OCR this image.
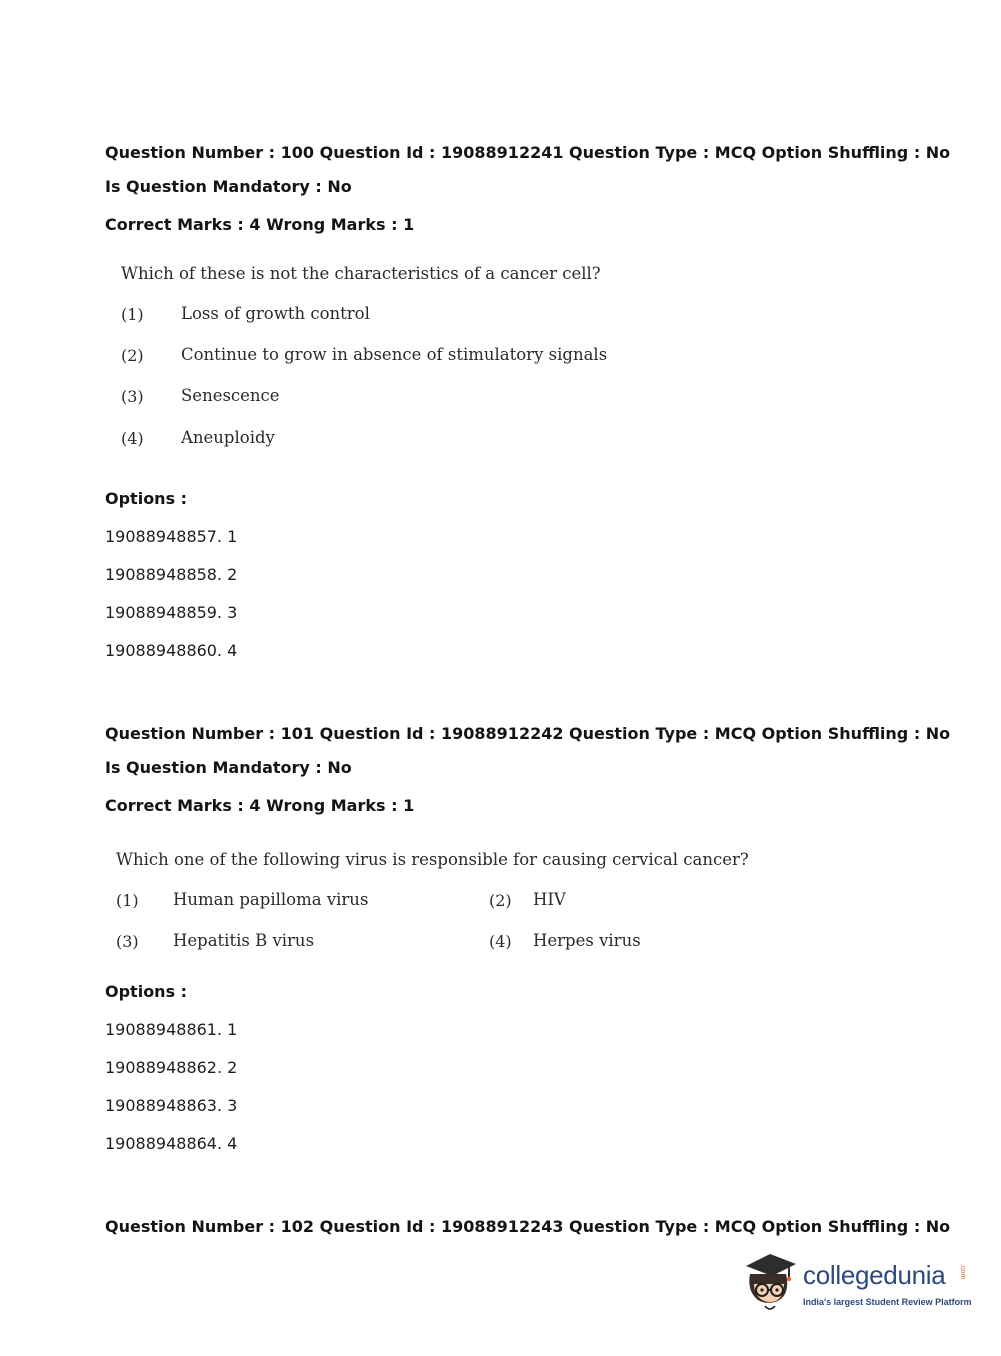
Question Number : 100 Question Id : 19088912241 Question Type : MCQ Option Shuffling : No
Is Question Mandatory : No
Correct Marks : 4 Wrong Marks : 1
Which of these is not the characteristics of a cancer cell?
(1) Loss of growth control
(2) Continue to grow in absence of stimulatory signals
(3) Senescence
(4) Aneuploidy
Options :
19088948857. 1
19088948858. 2
19088948859. 3
19088948860. 4
Question Number : 101 Question Id : 19088912242 Question Type : MCQ Option Shuffling : No
Is Question Mandatory : No
Correct Marks : 4 Wrong Marks : 1
Which one of the following virus is responsible for causing cervical cancer?
(1) Human papilloma virus	(2) HIV
(3) Hepatitis B virus	(4) Herpes virus
Options :
19088948861. 1
19088948862. 2
19088948863. 3
19088948864. 4
Question Number : 102 Question Id : 19088912243 Question Type : MCQ Option Shuffling : No
collegedunia .com
India's largest Student Review Platform
